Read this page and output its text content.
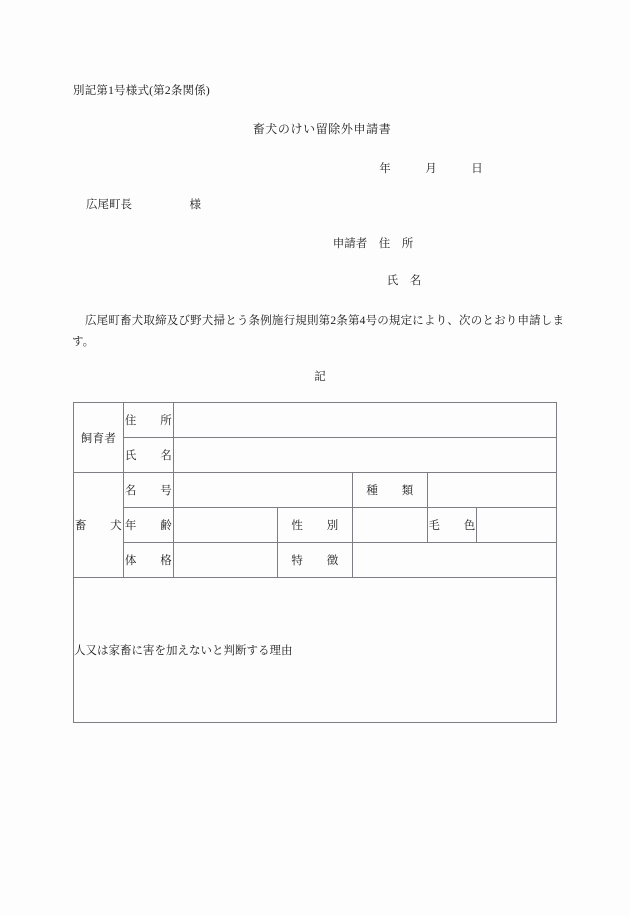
別記第1号様式(第2条関係)
畜犬のけい留除外申請書
年　　　月　　　日
広尾町長　　　　　様
申請者　住　所
氏　名
広尾町畜犬取締及び野犬掃とう条例施行規則第2条第4号の規定により、次のとおり申請します。
記
飼育者	住　　所					
	氏　　名					
畜　　犬	名　　号			種　　類		
	年　　齢		性　　別		毛　　色	
	体　　格		特　　徴			
人又は家畜に害を加えないと判断する理由						
